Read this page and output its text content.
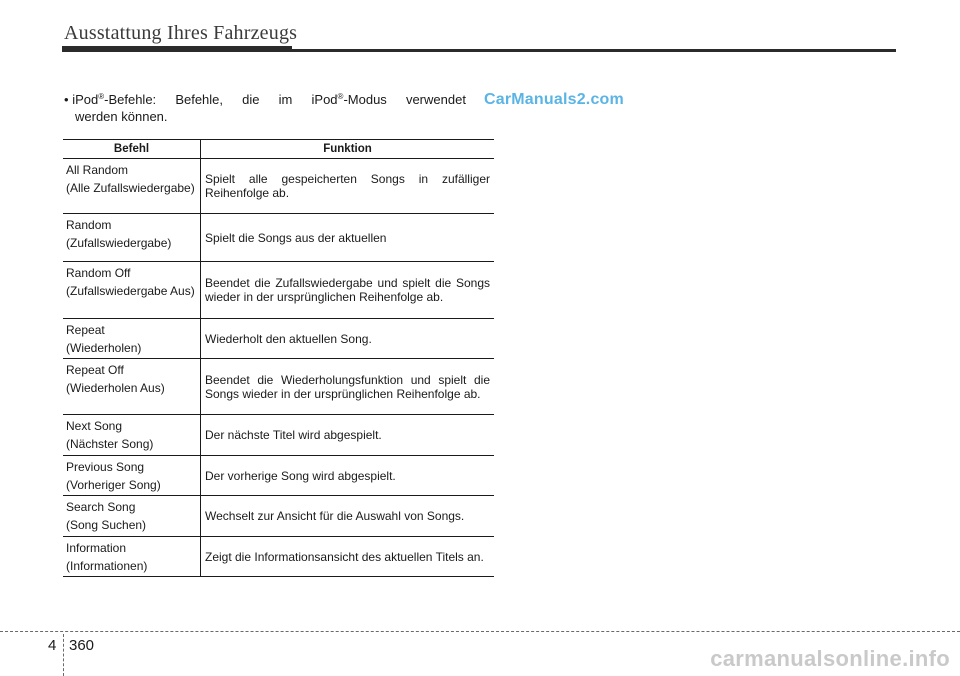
Ausstattung Ihres Fahrzeugs
• iPod®-Befehle: Befehle, die im iPod®-Modus verwendet
werden können.
CarManuals2.com
Befehl	Funktion
All Random
(Alle Zufallswiedergabe)	Spielt alle gespeicherten Songs in zufälliger Reihenfolge ab.
Random
(Zufallswiedergabe)	Spielt die Songs aus der aktuellen
Random Off
(Zufallswiedergabe Aus)	Beendet die Zufallswiedergabe und spielt die Songs wieder in der ursprünglichen Reihenfolge ab.
Repeat
(Wiederholen)	Wiederholt den aktuellen Song.
Repeat Off
(Wiederholen Aus)	Beendet die Wiederholungsfunktion und spielt die Songs wieder in der ursprünglichen Reihenfolge ab.
Next Song
(Nächster Song)	Der nächste Titel wird abgespielt.
Previous Song
(Vorheriger Song)	Der vorherige Song wird abgespielt.
Search Song
(Song Suchen)	Wechselt zur Ansicht für die Auswahl von Songs.
Information
(Informationen)	Zeigt die Informationsansicht des aktuellen Titels an.
4 360
carmanualsonline.info
